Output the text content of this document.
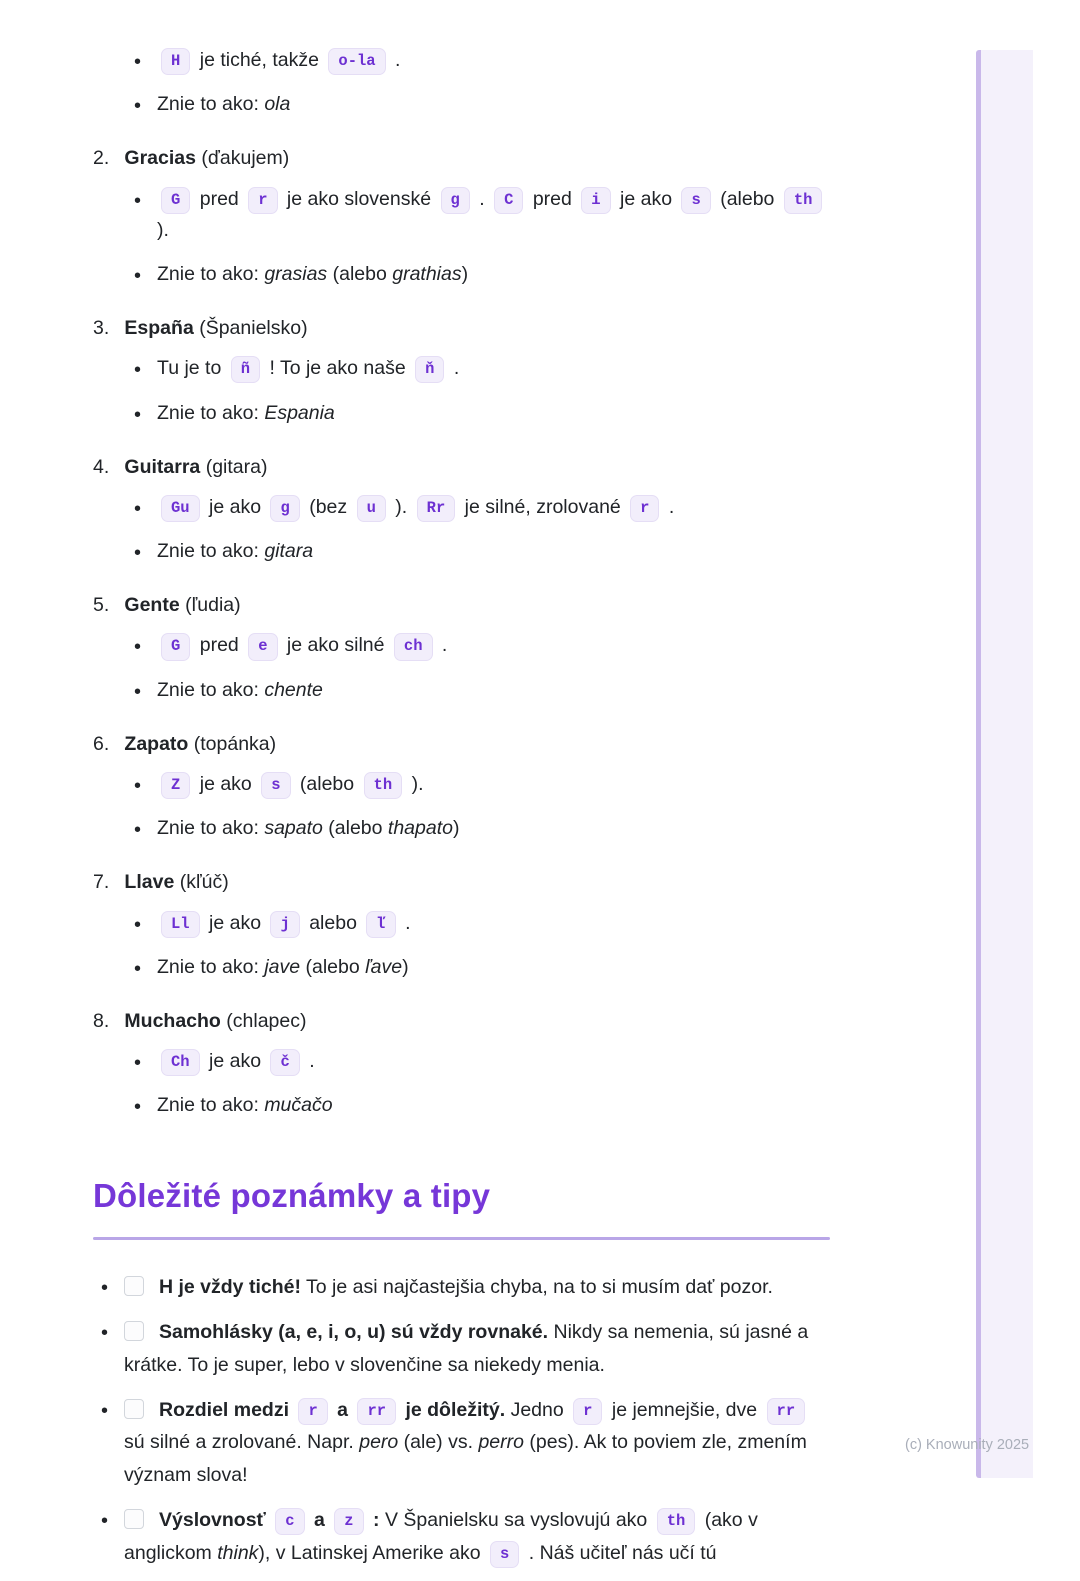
• H je tiché, takže o-la .
• Znie to ako: ola
2. Gracias (ďakujem)
• G pred r je ako slovenské g . C pred i je ako s (alebo th ).
• Znie to ako: grasias (alebo grathias)
3. España (Španielsko)
• Tu je to ñ ! To je ako naše ň .
• Znie to ako: Espania
4. Guitarra (gitara)
• Gu je ako g (bez u ). Rr je silné, zrolované r .
• Znie to ako: gitara
5. Gente (ľudia)
• G pred e je ako silné ch .
• Znie to ako: chente
6. Zapato (topánka)
• Z je ako s (alebo th ).
• Znie to ako: sapato (alebo thapato)
7. Llave (kľúč)
• Ll je ako j alebo ľ .
• Znie to ako: jave (alebo ľave)
8. Muchacho (chlapec)
• Ch je ako č .
• Znie to ako: mučačo
Dôležité poznámky a tipy
• H je vždy tiché! To je asi najčastejšia chyba, na to si musím dať pozor.
• Samohlásky (a, e, i, o, u) sú vždy rovnaké. Nikdy sa nemenia, sú jasné a krátke. To je super, lebo v slovenčine sa niekedy menia.
• Rozdiel medzi r a rr je dôležitý. Jedno r je jemnejšie, dve rr sú silné a zrolované. Napr. pero (ale) vs. perro (pes). Ak to poviem zle, zmením význam slova!
• Výslovnosť c a z : V Španielsku sa vyslovujú ako th (ako v anglickom think), v Latinskej Amerike ako s . Náš učiteľ nás učí tú
(c) Knowunity 2025
